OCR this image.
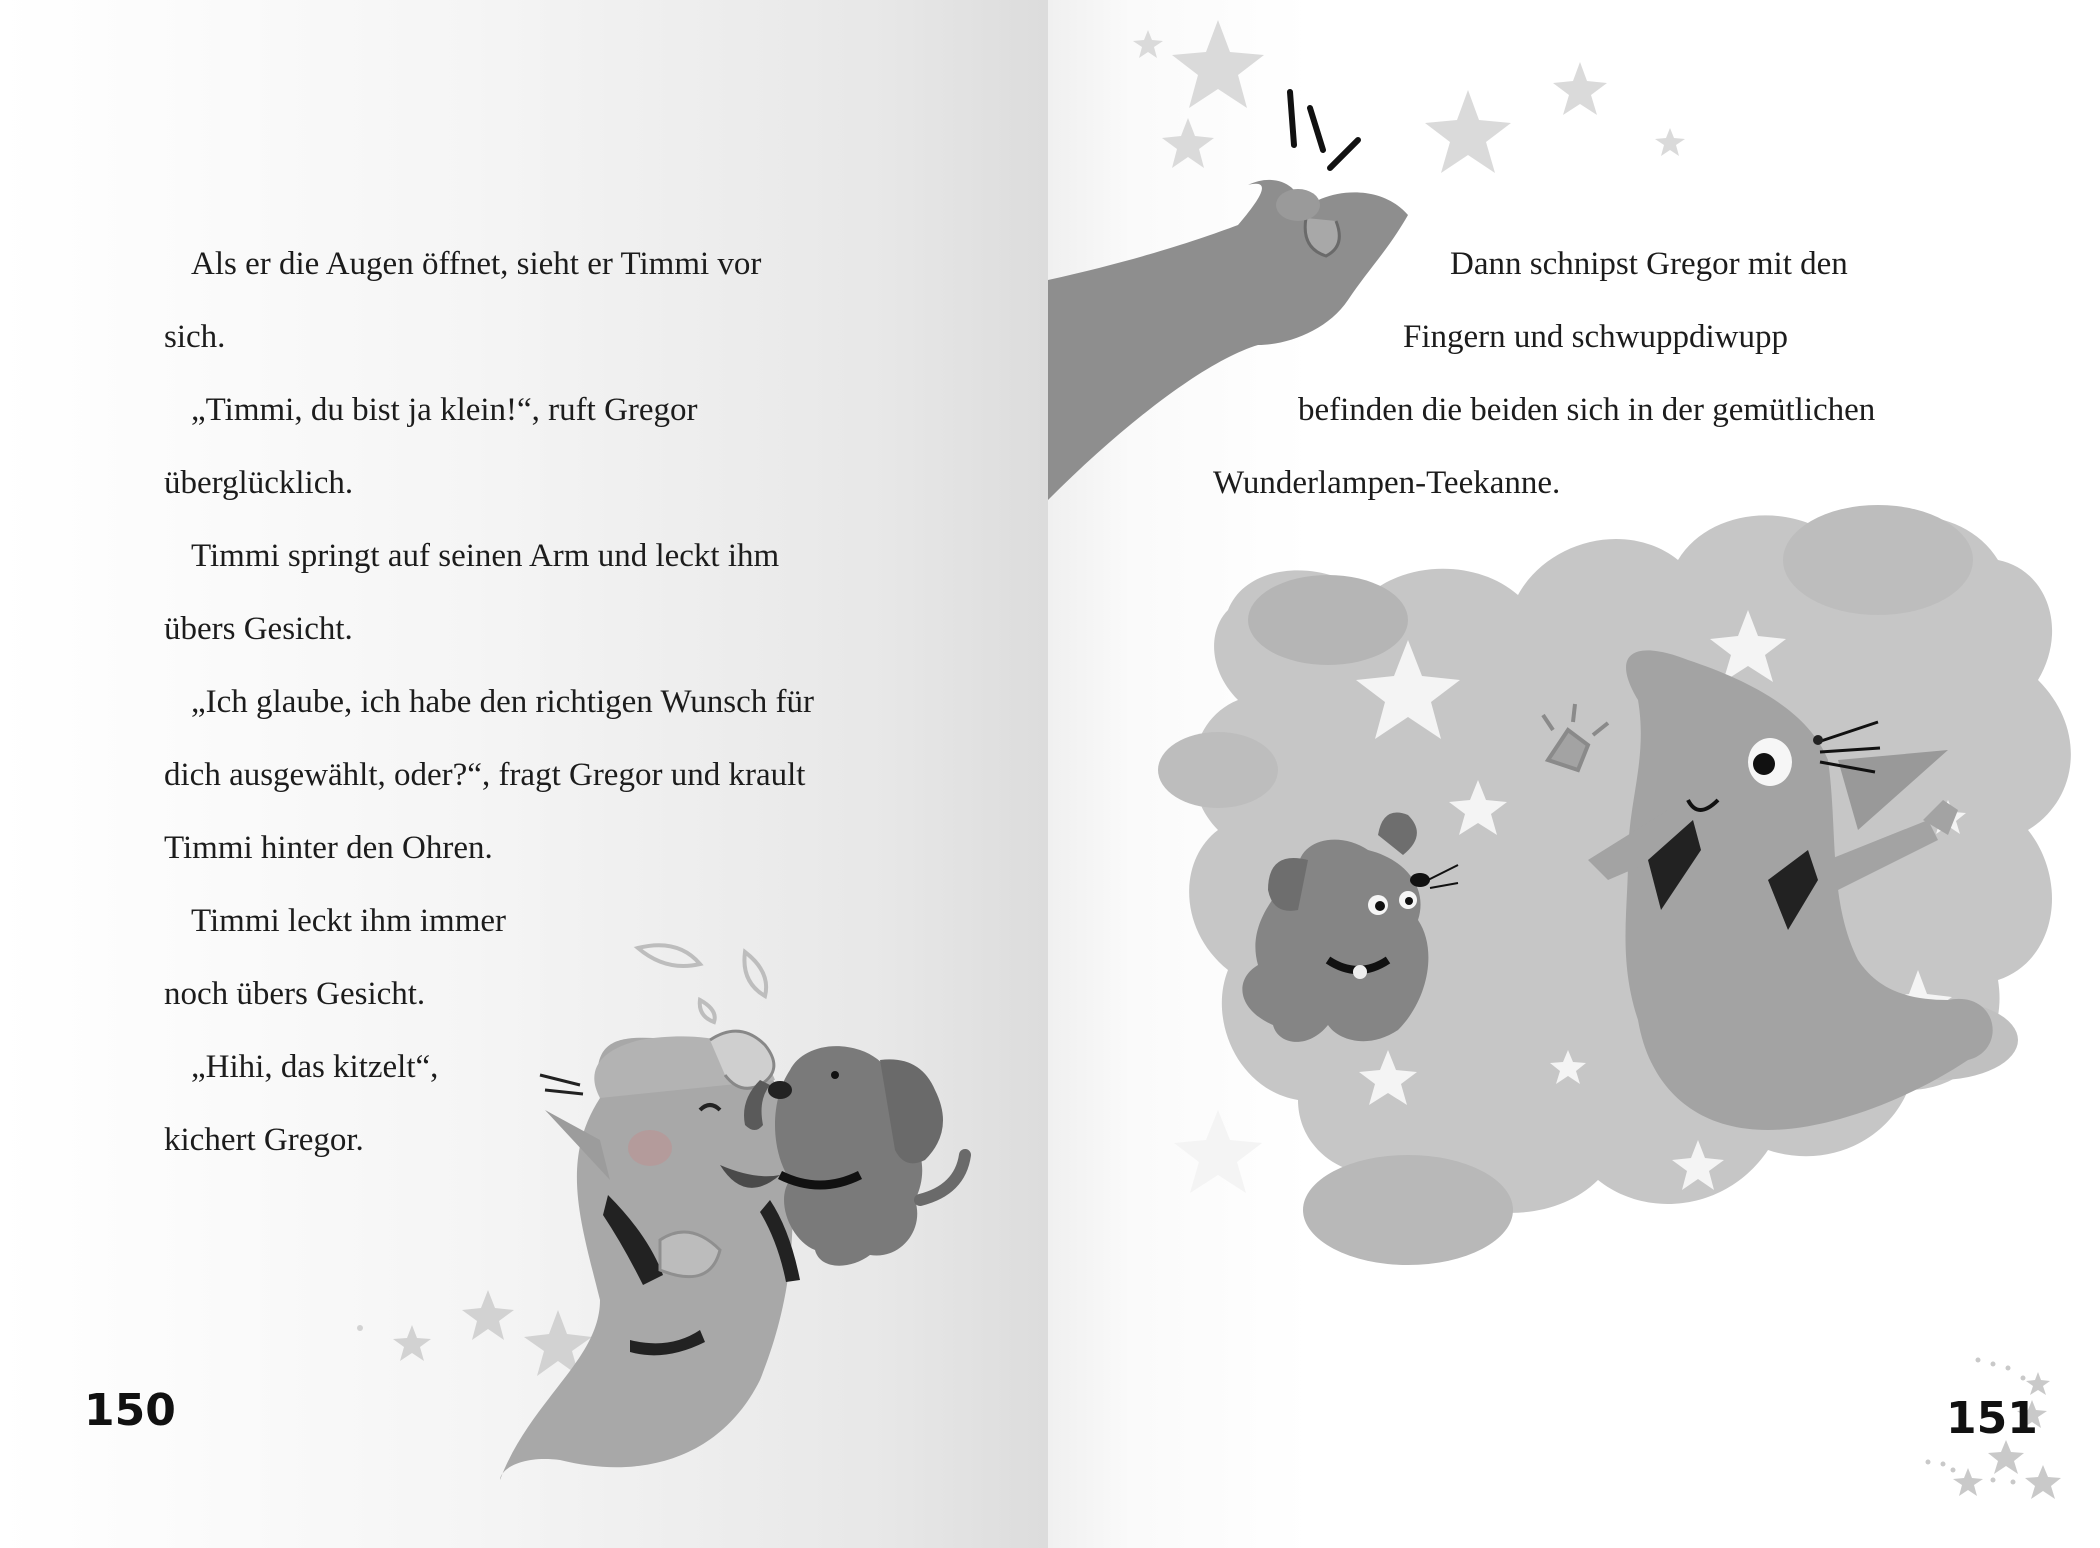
Als er die Augen öffnet, sieht er Timmi vor
sich.
„Timmi, du bist ja klein!“, ruft Gregor
überglücklich.
Timmi springt auf seinen Arm und leckt ihm
übers Gesicht.
„Ich glaube, ich habe den richtigen Wunsch für
dich ausgewählt, oder?“, fragt Gregor und krault
Timmi hinter den Ohren.
Timmi leckt ihm immer
noch übers Gesicht.
„Hihi, das kitzelt“,
kichert Gregor.
150
Dann schnipst Gregor mit den
Fingern und schwuppdiwupp
befinden die beiden sich in der gemütlichen
Wunderlampen-Teekanne.
151
